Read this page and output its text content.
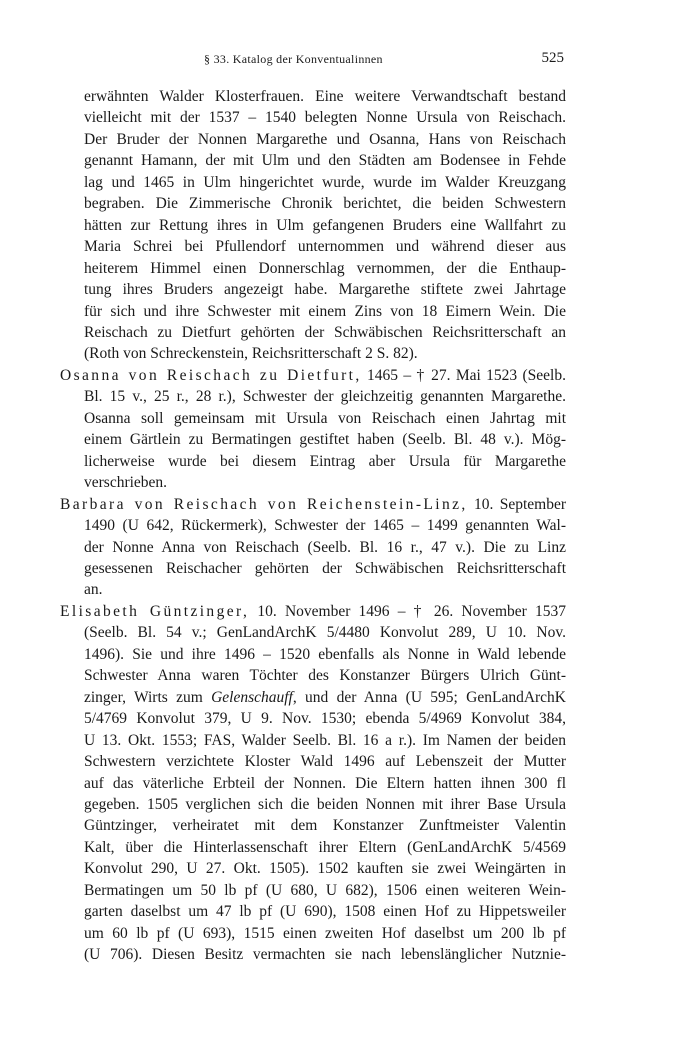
§ 33. Katalog der Konventualinnen	525
erwähnten Walder Klosterfrauen. Eine weitere Verwandtschaft bestand
vielleicht mit der 1537 – 1540 belegten Nonne Ursula von Reischach.
Der Bruder der Nonnen Margarethe und Osanna, Hans von Reischach
genannt Hamann, der mit Ulm und den Städten am Bodensee in Fehde
lag und 1465 in Ulm hingerichtet wurde, wurde im Walder Kreuzgang
begraben. Die Zimmerische Chronik berichtet, die beiden Schwestern
hätten zur Rettung ihres in Ulm gefangenen Bruders eine Wallfahrt zu
Maria Schrei bei Pfullendorf unternommen und während dieser aus
heiterem Himmel einen Donnerschlag vernommen, der die Enthaup-
tung ihres Bruders angezeigt habe. Margarethe stiftete zwei Jahrtage
für sich und ihre Schwester mit einem Zins von 18 Eimern Wein. Die
Reischach zu Dietfurt gehörten der Schwäbischen Reichsritterschaft an
(Roth von Schreckenstein, Reichsritterschaft 2 S. 82).
Osanna von Reischach zu Dietfurt, 1465 – † 27. Mai 1523 (Seelb.
Bl. 15 v., 25 r., 28 r.), Schwester der gleichzeitig genannten Margarethe.
Osanna soll gemeinsam mit Ursula von Reischach einen Jahrtag mit
einem Gärtlein zu Bermatingen gestiftet haben (Seelb. Bl. 48 v.). Mög-
licherweise wurde bei diesem Eintrag aber Ursula für Margarethe
verschrieben.
Barbara von Reischach von Reichenstein-Linz, 10. September
1490 (U 642, Rückermerk), Schwester der 1465 – 1499 genannten Wal-
der Nonne Anna von Reischach (Seelb. Bl. 16 r., 47 v.). Die zu Linz
gesessenen Reischacher gehörten der Schwäbischen Reichsritterschaft
an.
Elisabeth Güntzinger, 10. November 1496 – † 26. November 1537
(Seelb. Bl. 54 v.; GenLandArchK 5/4480 Konvolut 289, U 10. Nov.
1496). Sie und ihre 1496 – 1520 ebenfalls als Nonne in Wald lebende
Schwester Anna waren Töchter des Konstanzer Bürgers Ulrich Günt-
zinger, Wirts zum Gelenschauff, und der Anna (U 595; GenLandArchK
5/4769 Konvolut 379, U 9. Nov. 1530; ebenda 5/4969 Konvolut 384,
U 13. Okt. 1553; FAS, Walder Seelb. Bl. 16 a r.). Im Namen der beiden
Schwestern verzichtete Kloster Wald 1496 auf Lebenszeit der Mutter
auf das väterliche Erbteil der Nonnen. Die Eltern hatten ihnen 300 fl
gegeben. 1505 verglichen sich die beiden Nonnen mit ihrer Base Ursula
Güntzinger, verheiratet mit dem Konstanzer Zunftmeister Valentin
Kalt, über die Hinterlassenschaft ihrer Eltern (GenLandArchK 5/4569
Konvolut 290, U 27. Okt. 1505). 1502 kauften sie zwei Weingärten in
Bermatingen um 50 lb pf (U 680, U 682), 1506 einen weiteren Wein-
garten daselbst um 47 lb pf (U 690), 1508 einen Hof zu Hippetsweiler
um 60 lb pf (U 693), 1515 einen zweiten Hof daselbst um 200 lb pf
(U 706). Diesen Besitz vermachten sie nach lebenslänglicher Nutznie-
